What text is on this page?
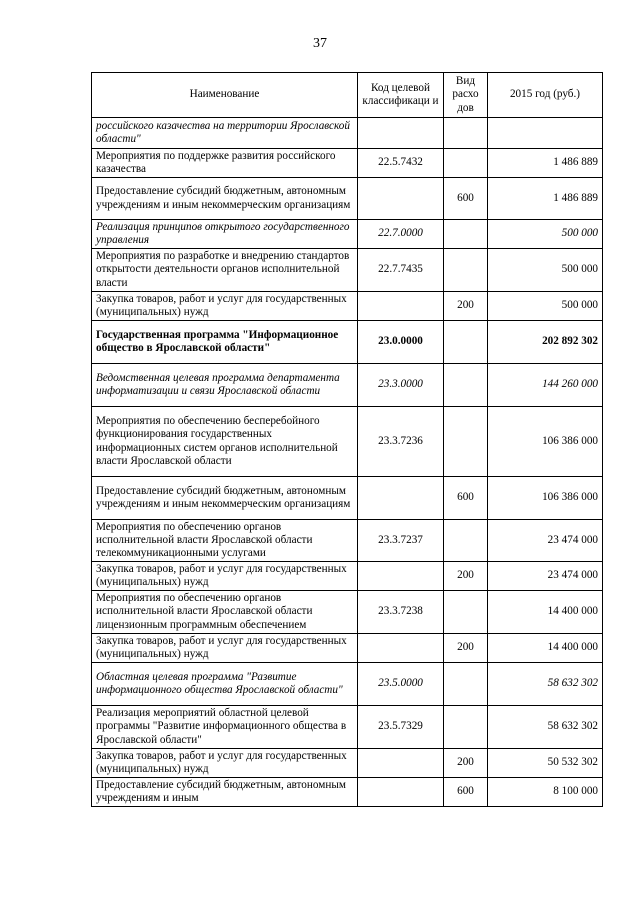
37
Наименование	Код целевой классификаци и	Вид расхо дов	2015 год (руб.)
российского казачества на территории Ярославской области"			
Мероприятия по поддержке развития российского казачества	22.5.7432		1 486 889
Предоставление субсидий бюджетным, автономным учреждениям и иным некоммерческим организациям		600	1 486 889
Реализация принципов открытого государственного управления	22.7.0000		500 000
Мероприятия по разработке и внедрению стандартов открытости деятельности органов исполнительной власти	22.7.7435		500 000
Закупка товаров, работ и услуг для государственных (муниципальных) нужд		200	500 000
Государственная программа "Информационное общество в Ярославской области"	23.0.0000		202 892 302
Ведомственная целевая программа департамента информатизации и связи Ярославской области	23.3.0000		144 260 000
Мероприятия по обеспечению бесперебойного функционирования государственных информационных систем органов исполнительной власти Ярославской области	23.3.7236		106 386 000
Предоставление субсидий бюджетным, автономным учреждениям и иным некоммерческим организациям		600	106 386 000
Мероприятия по обеспечению органов исполнительной власти Ярославской области телекоммуникационными услугами	23.3.7237		23 474 000
Закупка товаров, работ и услуг для государственных (муниципальных) нужд		200	23 474 000
Мероприятия по обеспечению органов исполнительной власти Ярославской области лицензионным программным обеспечением	23.3.7238		14 400 000
Закупка товаров, работ и услуг для государственных (муниципальных) нужд		200	14 400 000
Областная целевая программа "Развитие информационного общества Ярославской области"	23.5.0000		58 632 302
Реализация мероприятий областной целевой программы "Развитие информационного общества в Ярославской области"	23.5.7329		58 632 302
Закупка товаров, работ и услуг для государственных (муниципальных) нужд		200	50 532 302
Предоставление субсидий бюджетным, автономным учреждениям и иным		600	8 100 000
